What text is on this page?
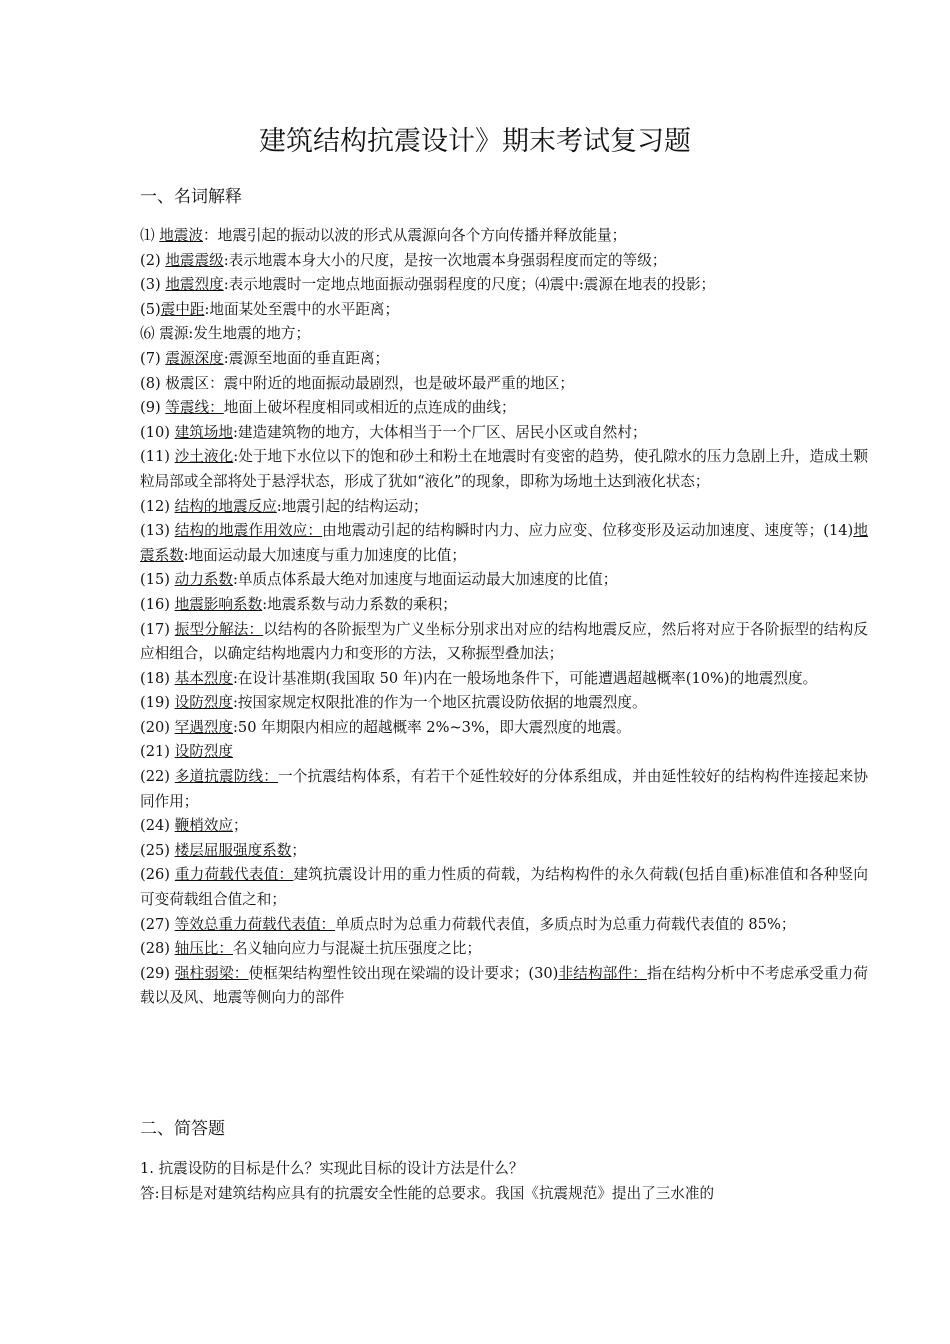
建筑结构抗震设计》期末考试复习题
一、名词解释

⑴ 地震波：地震引起的振动以波的形式从震源向各个方向传播并释放能量；

(2) 地震震级:表示地震本身大小的尺度，是按一次地震本身强弱程度而定的等级；

(3) 地震烈度:表示地震时一定地点地面振动强弱程度的尺度；⑷震中:震源在地表的投影；

(5)震中距:地面某处至震中的水平距离；

⑹ 震源:发生地震的地方；

(7) 震源深度:震源至地面的垂直距离；

(8) 极震区：震中附近的地面振动最剧烈，也是破坏最严重的地区；

(9) 等震线：地面上破坏程度相同或相近的点连成的曲线；

(10) 建筑场地:建造建筑物的地方，大体相当于一个厂区、居民小区或自然村；

(11) 沙土液化:处于地下水位以下的饱和砂土和粉土在地震时有变密的趋势，使孔隙水的压力急剧上升，造成土颗粒局部或全部将处于悬浮状态，形成了犹如“液化”的现象，即称为场地土达到液化状态；

(12) 结构的地震反应:地震引起的结构运动；

(13) 结构的地震作用效应：由地震动引起的结构瞬时内力、应力应变、位移变形及运动加速度、速度等；(14)地震系数:地面运动最大加速度与重力加速度的比值；

(15) 动力系数:单质点体系最大绝对加速度与地面运动最大加速度的比值；

(16) 地震影响系数:地震系数与动力系数的乘积；

(17) 振型分解法：以结构的各阶振型为广义坐标分别求出对应的结构地震反应，然后将对应于各阶振型的结构反应相组合，以确定结构地震内力和变形的方法，又称振型叠加法；

(18) 基本烈度:在设计基准期(我国取 50 年)内在一般场地条件下，可能遭遇超越概率(10%)的地震烈度。

(19) 设防烈度:按国家规定权限批准的作为一个地区抗震设防依据的地震烈度。

(20) 罕遇烈度:50 年期限内相应的超越概率 2%~3%，即大震烈度的地震。

(21) 设防烈度

(22) 多道抗震防线：一个抗震结构体系，有若干个延性较好的分体系组成，并由延性较好的结构构件连接起来协同作用；

(24) 鞭梢效应；

(25) 楼层屈服强度系数；

(26) 重力荷载代表值：建筑抗震设计用的重力性质的荷载，为结构构件的永久荷载(包括自重)标准值和各种竖向可变荷载组合值之和；

(27) 等效总重力荷载代表值：单质点时为总重力荷载代表值，多质点时为总重力荷载代表值的 85%；

(28) 轴压比：名义轴向应力与混凝土抗压强度之比；

(29) 强柱弱梁：使框架结构塑性铰出现在梁端的设计要求；(30)非结构部件：指在结构分析中不考虑承受重力荷载以及风、地震等侧向力的部件

二、简答题

1. 抗震设防的目标是什么？实现此目标的设计方法是什么？

答:目标是对建筑结构应具有的抗震安全性能的总要求。我国《抗震规范》提出了三水准的
